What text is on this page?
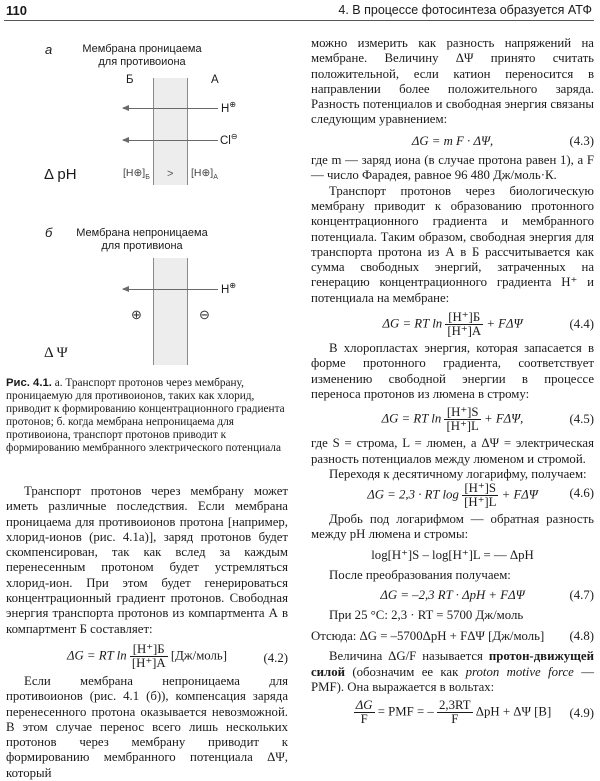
110	4. В процессе фотосинтеза образуется АТФ
а	Мембрана проницаема
для противоиона
Б	А
H⊕
Cl⊖
Δ pH	$[H\oplus]_Б$ > $[H\oplus]_А$
б	Мембрана непроницаема
для противиона
H⊕
⊕	⊖
Δ Ψ
Рис. 4.1. а. Транспорт протонов через мембрану, проницаемую для противоионов, таких как хлорид, приводит к формированию концентрационного градиента протонов; б. когда мембрана непроницаема для противоиона, транспорт протонов приводит к формированию мембранного электрического потенциала

Транспорт протонов через мембрану может иметь различные последствия. Если мембрана проницаема для противоионов протона [например, хлорид-ионов (рис. 4.1а)], заряд протонов будет скомпенсирован, так как вслед за каждым перенесенным протоном будет устремляться хлорид-ион. При этом будет генерироваться концентрационный градиент протонов. Свободная энергия транспорта протонов из компартмента А в компартмент Б составляет:

ΔG = RT $\ln \frac{[H^+]Б}{[H^+]А}$ [Дж/моль]	(4.2)

Если мембрана непроницаема для противоионов (рис. 4.1 (б)), компенсация заряда перенесенного протона оказывается невозможной. В этом случае перенос всего лишь нескольких протонов через мембрану приводит к формированию мембранного потенциала ΔΨ, который

можно измерить как разность напряжений на мембране. Величину ΔΨ принято считать положительной, если катион переносится в направлении более положительного заряда. Разность потенциалов и свободная энергия связаны следующим уравнением:

ΔG = m F · ΔΨ,	(4.3)

где m — заряд иона (в случае протона равен 1), а F — число Фарадея, равное 96 480 Дж/моль·К.

Транспорт протонов через биологическую мембрану приводит к образованию протонного концентрационного градиента и мембранного потенциала. Таким образом, свободная энергия для транспорта протона из А в Б рассчитывается как сумма свободных энергий, затраченных на генерацию концентрационного градиента H⁺ и потенциала на мембране:

ΔG = RT $\ln \frac{[H^+]Б}{[H^+]А} + F\Delta\Psi$	(4.4)

В хлоропластах энергия, которая запасается в форме протонного градиента, соответствует изменению свободной энергии в процессе переноса протонов из люмена в строму:

ΔG = RT $\ln \frac{[H^+]S}{[H^+]L} + F\Delta\Psi$,	(4.5)

где S = строма, L = люмен, а ΔΨ = электрическая разность потенциалов между люменом и стромой.

Переходя к десятичному логарифму, получаем:

ΔG = 2,3 · RT $\log \frac{[H^+]S}{[H^+]L} + F\Delta\Psi$ (4.6)

Дробь под логарифмом — обратная разность между pH люмена и стромы:

log[H⁺]S – log[H⁺]L = — ΔpH

После преобразования получаем:

ΔG = –2,3 RT · ΔpH + FΔΨ	(4.7)

При 25 °C: 2,3 · RT = 5700 Дж/моль

Отсюда: ΔG = –5700ΔpH + FΔΨ [Дж/моль] (4.8)

Величина ΔG/F называется протон-движущей силой (обозначим ее как proton motive force — PMF). Она выражается в вольтах:

$\frac{\Delta G}{F}$ = PMF = – $\frac{2,3RT}{F}$ ΔpH + ΔΨ [B] (4.9)
